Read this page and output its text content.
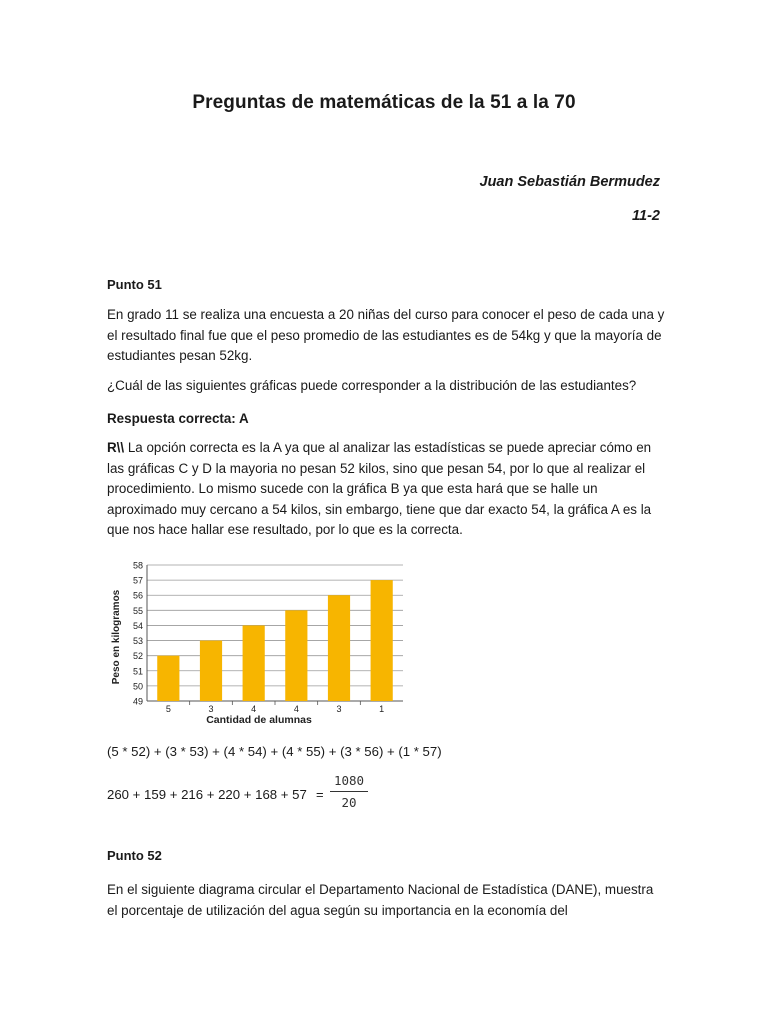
Preguntas de matemáticas de la 51 a la 70
Juan Sebastián Bermudez
11-2
Punto 51
En grado 11 se realiza una encuesta a 20 niñas del curso para conocer el peso de cada una y el resultado final fue que el peso promedio de las estudiantes es de 54kg y que la mayoría de estudiantes pesan 52kg.
¿Cuál de las siguientes gráficas puede corresponder a la distribución de las estudiantes?
Respuesta correcta: A
R\\ La opción correcta es la A ya que al analizar las estadísticas se puede apreciar cómo en las gráficas C y D la mayoria no pesan 52 kilos, sino que pesan 54, por lo que al realizar el procedimiento. Lo mismo sucede con la gráfica B ya que esta hará que se halle un aproximado muy cercano a 54 kilos, sin embargo, tiene que dar exacto 54, la gráfica A es la que nos hace hallar ese resultado, por lo que es la correcta.
49
50
51
52
53
54
55
56
57
58
5	3	4	4	3	1
Cantidad de alumnas
Peso en kilogramos
(5 * 52) + (3 * 53) + (4 * 54) + (4 * 55) + (3 * 56) + (1 * 57)
260 + 159 + 216 + 220 + 168 + 57 =
1080
20
Punto 52
En el siguiente diagrama circular el Departamento Nacional de Estadística (DANE), muestra el porcentaje de utilización del agua según su importancia en la economía del
